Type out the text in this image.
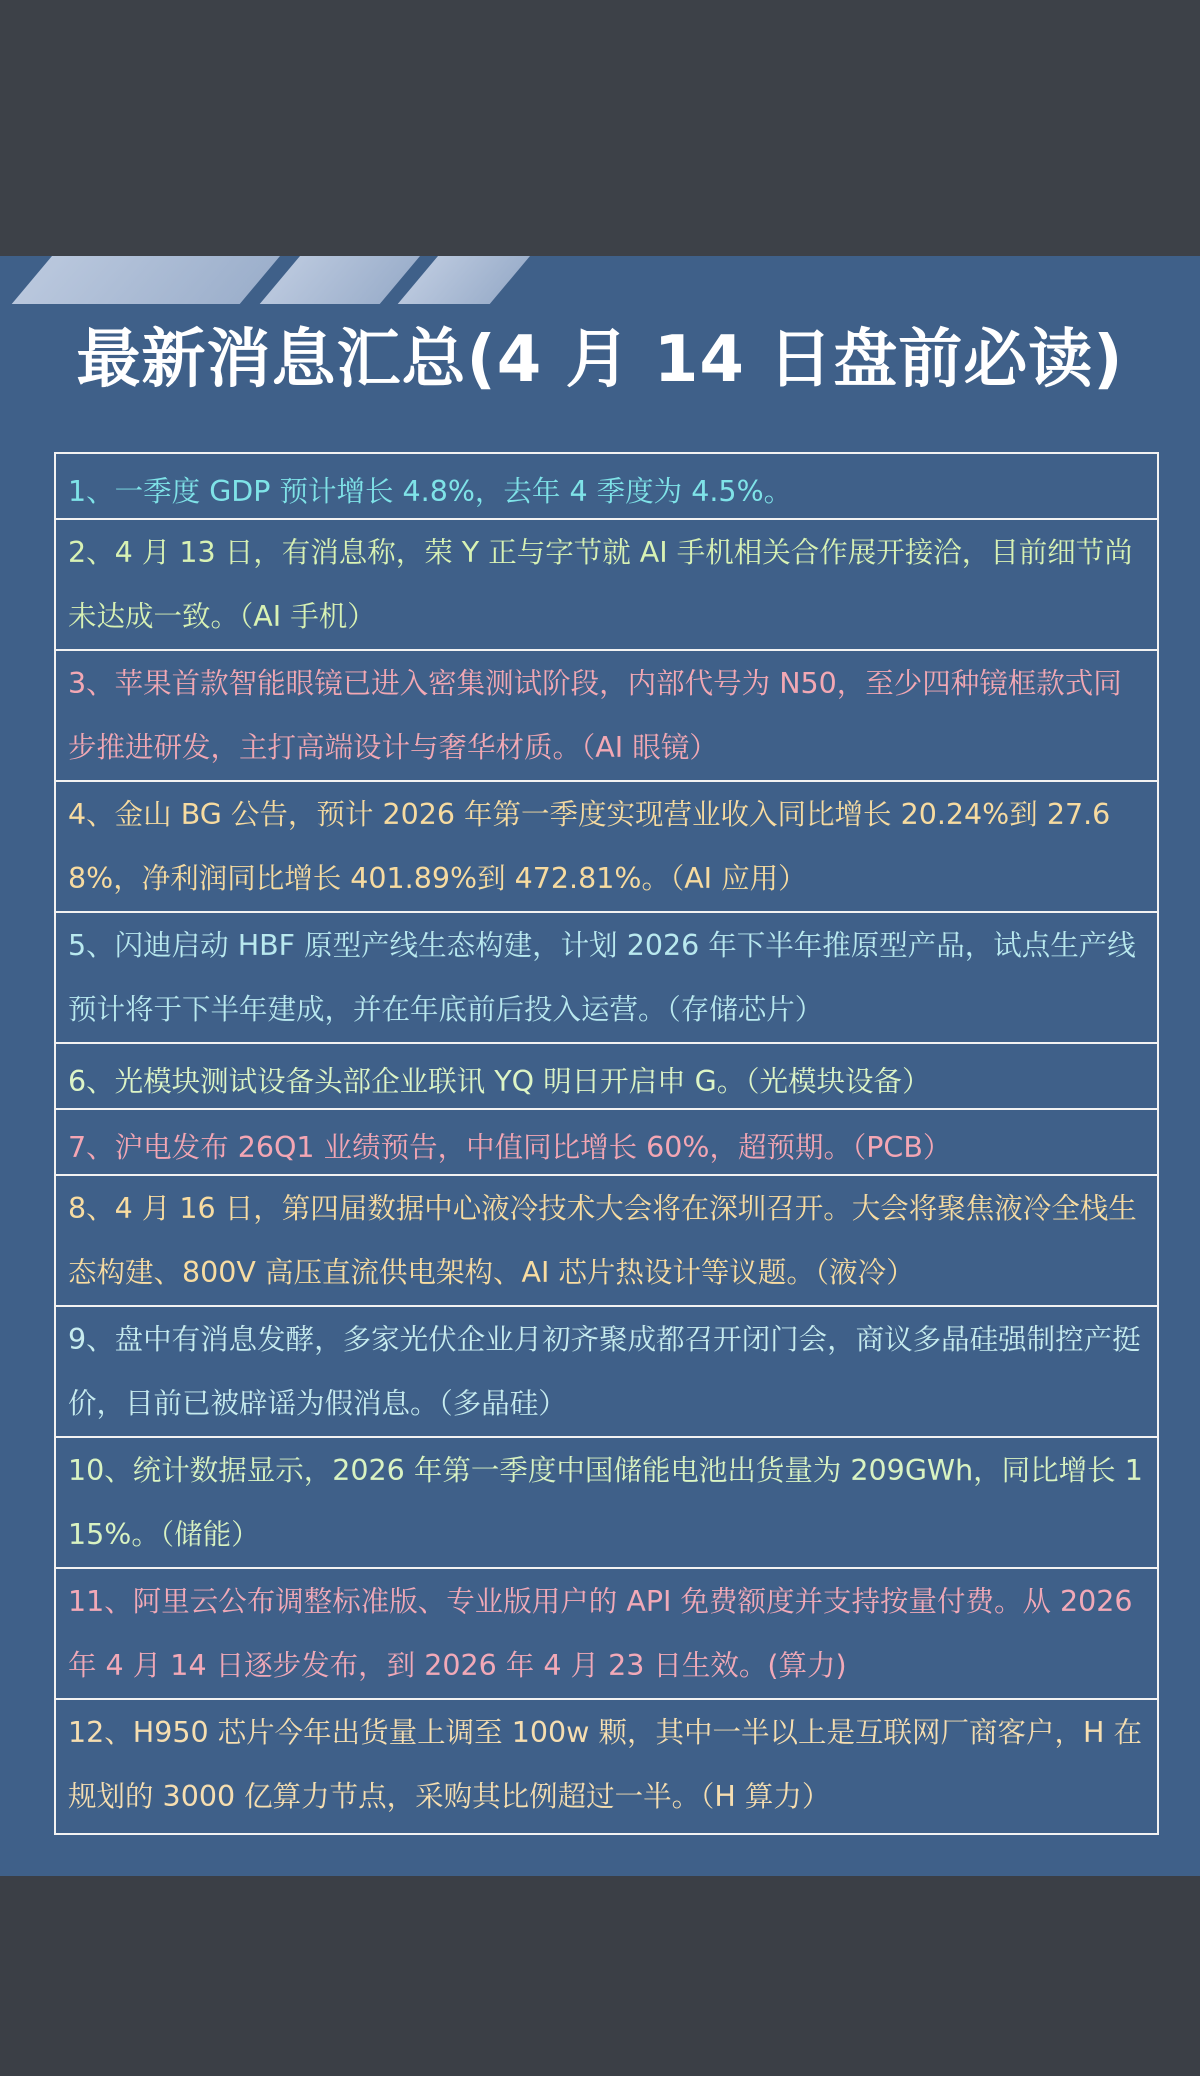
最新消息汇总(4 月 14 日盘前必读)
1、一季度 GDP 预计增长 4.8%，去年 4 季度为 4.5%。
2、4 月 13 日，有消息称，荣 Y 正与字节就 AI 手机相关合作展开接洽，目前细节尚未达成一致。（AI 手机）
3、苹果首款智能眼镜已进入密集测试阶段，内部代号为 N50，至少四种镜框款式同步推进研发，主打高端设计与奢华材质。（AI 眼镜）
4、金山 BG 公告，预计 2026 年第一季度实现营业收入同比增长 20.24%到 27.68%，净利润同比增长 401.89%到 472.81%。（AI 应用）
5、闪迪启动 HBF 原型产线生态构建，计划 2026 年下半年推原型产品，试点生产线预计将于下半年建成，并在年底前后投入运营。（存储芯片）
6、光模块测试设备头部企业联讯 YQ 明日开启申 G。（光模块设备）
7、沪电发布 26Q1 业绩预告，中值同比增长 60%，超预期。（PCB）
8、4 月 16 日，第四届数据中心液冷技术大会将在深圳召开。大会将聚焦液冷全栈生态构建、800V 高压直流供电架构、AI 芯片热设计等议题。（液冷）
9、盘中有消息发酵，多家光伏企业月初齐聚成都召开闭门会，商议多晶硅强制控产挺价，目前已被辟谣为假消息。（多晶硅）
10、统计数据显示，2026 年第一季度中国储能电池出货量为 209GWh，同比增长 115%。（储能）
11、阿里云公布调整标准版、专业版用户的 API 免费额度并支持按量付费。从 2026 年 4 月 14 日逐步发布，到 2026 年 4 月 23 日生效。(算力)
12、H950 芯片今年出货量上调至 100w 颗，其中一半以上是互联网厂商客户，H 在规划的 3000 亿算力节点，采购其比例超过一半。（H 算力）
